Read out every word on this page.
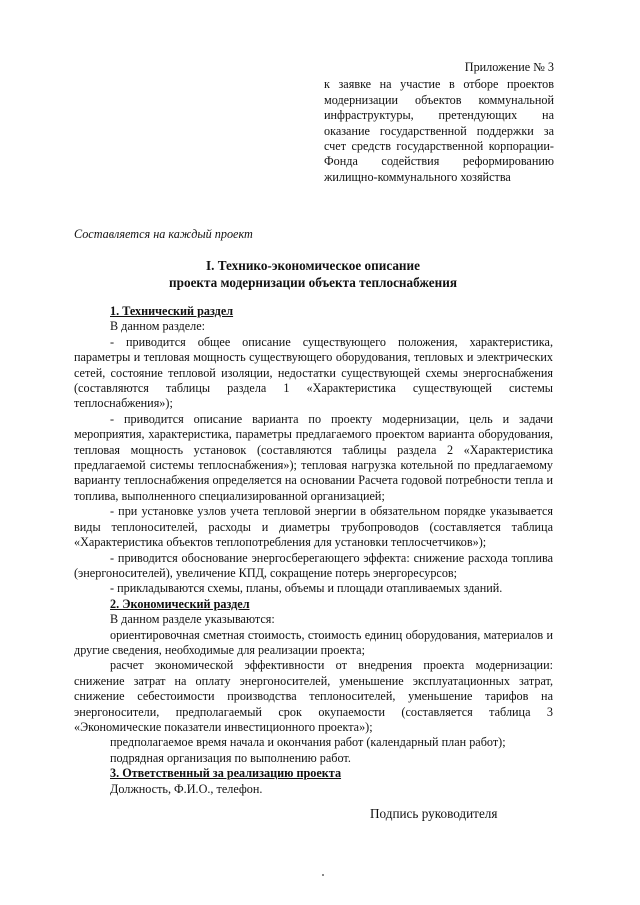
Приложение № 3
к заявке на участие в отборе проектов модернизации объектов коммунальной инфраструктуры, претендующих на оказание государственной поддержки за счет средств государственной корпорации-Фонда содействия реформированию жилищно-коммунального хозяйства
Составляется на каждый проект
I. Технико-экономическое описание
проекта модернизации объекта теплоснабжения

1. Технический раздел

В данном разделе:

- приводится общее описание существующего положения, характеристика, параметры и тепловая мощность существующего оборудования, тепловых и электрических сетей, состояние тепловой изоляции, недостатки существующей схемы энергоснабжения (составляются таблицы раздела 1 «Характеристика существующей системы теплоснабжения»);

- приводится описание варианта по проекту модернизации, цель и задачи мероприятия, характеристика, параметры предлагаемого проектом варианта оборудования, тепловая мощность установок (составляются таблицы раздела 2 «Характеристика предлагаемой системы теплоснабжения»); тепловая нагрузка котельной по предлагаемому варианту теплоснабжения определяется на основании Расчета годовой потребности тепла и топлива, выполненного специализированной организацией;

- при установке узлов учета тепловой энергии в обязательном порядке указывается виды теплоносителей, расходы и диаметры трубопроводов (составляется таблица «Характеристика объектов теплопотребления для установки теплосчетчиков»);

- приводится обоснование энергосберегающего эффекта: снижение расхода топлива (энергоносителей), увеличение КПД, сокращение потерь энергоресурсов;

- прикладываются схемы, планы, объемы и площади отапливаемых зданий.

2. Экономический раздел

В данном разделе указываются:

ориентировочная сметная стоимость, стоимость единиц оборудования, материалов и другие сведения, необходимые для реализации проекта;

расчет экономической эффективности от внедрения проекта модернизации: снижение затрат на оплату энергоносителей, уменьшение эксплуатационных затрат, снижение себестоимости производства теплоносителей, уменьшение тарифов на энергоносители, предполагаемый срок окупаемости (составляется таблица 3 «Экономические показатели инвестиционного проекта»);

предполагаемое время начала и окончания работ (календарный план работ);

подрядная организация по выполнению работ.

3. Ответственный за реализацию проекта

Должность, Ф.И.О., телефон.

Подпись руководителя
